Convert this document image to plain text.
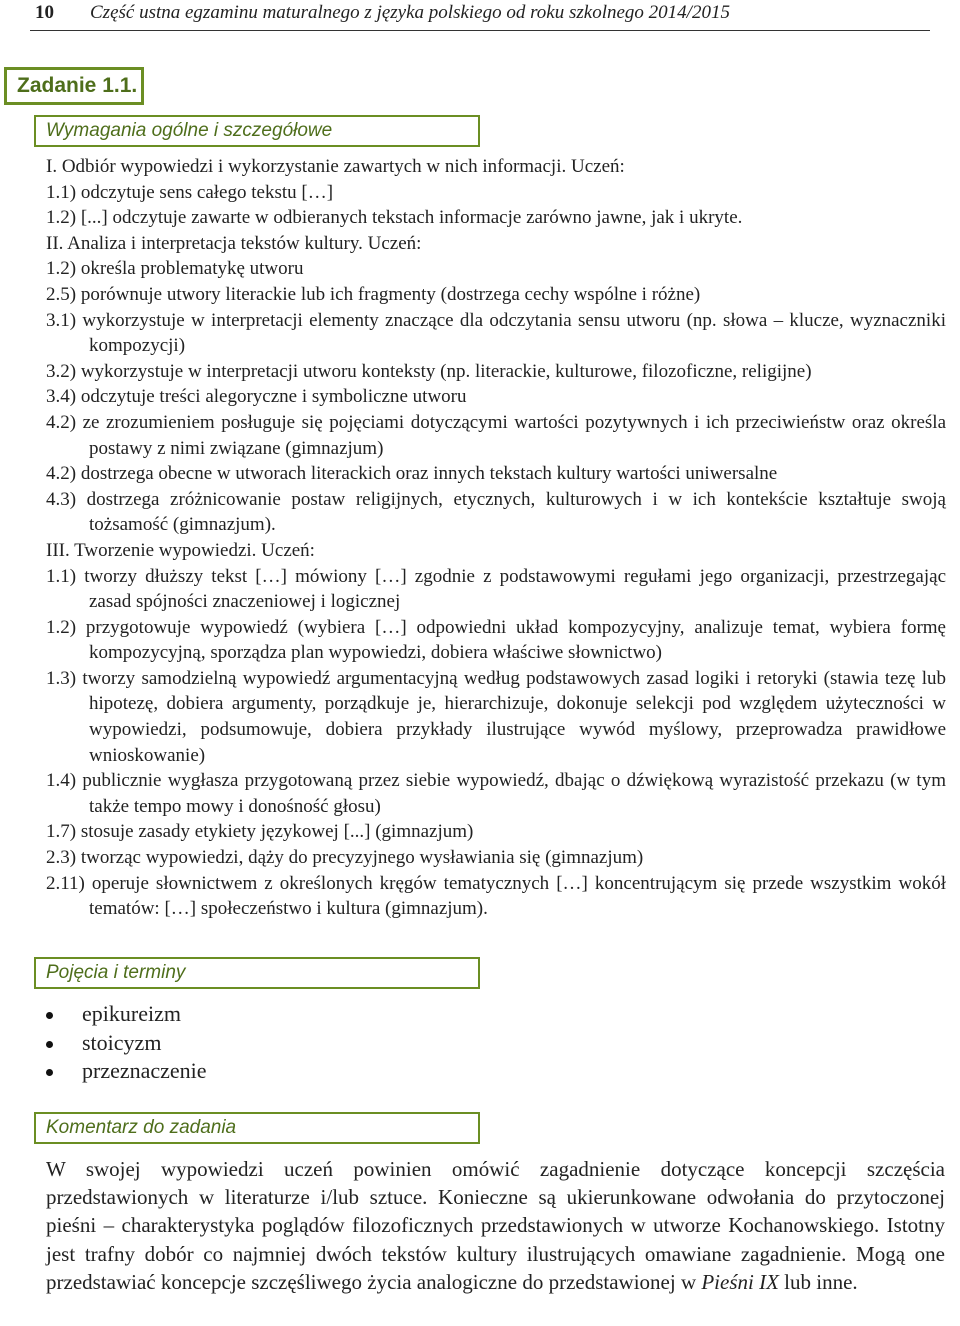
10 Część ustna egzaminu maturalnego z języka polskiego od roku szkolnego 2014/2015
Zadanie 1.1.
Wymagania ogólne i szczegółowe
I. Odbiór wypowiedzi i wykorzystanie zawartych w nich informacji. Uczeń:
1.1) odczytuje sens całego tekstu […]
1.2) [...] odczytuje zawarte w odbieranych tekstach informacje zarówno jawne, jak i ukryte.
II. Analiza i interpretacja tekstów kultury. Uczeń:
1.2) określa problematykę utworu
2.5) porównuje utwory literackie lub ich fragmenty (dostrzega cechy wspólne i różne)
3.1) wykorzystuje w interpretacji elementy znaczące dla odczytania sensu utworu (np. słowa – klucze, wyznaczniki kompozycji)
3.2) wykorzystuje w interpretacji utworu konteksty (np. literackie, kulturowe, filozoficzne, religijne)
3.4) odczytuje treści alegoryczne i symboliczne utworu
4.2) ze zrozumieniem posługuje się pojęciami dotyczącymi wartości pozytywnych i ich przeciwieństw oraz określa postawy z nimi związane (gimnazjum)
4.2) dostrzega obecne w utworach literackich oraz innych tekstach kultury wartości uniwersalne
4.3) dostrzega zróżnicowanie postaw religijnych, etycznych, kulturowych i w ich kontekście kształtuje swoją tożsamość (gimnazjum).
III. Tworzenie wypowiedzi. Uczeń:
1.1) tworzy dłuższy tekst […] mówiony […] zgodnie z podstawowymi regułami jego organizacji, przestrzegając zasad spójności znaczeniowej i logicznej
1.2) przygotowuje wypowiedź (wybiera […] odpowiedni układ kompozycyjny, analizuje temat, wybiera formę kompozycyjną, sporządza plan wypowiedzi, dobiera właściwe słownictwo)
1.3) tworzy samodzielną wypowiedź argumentacyjną według podstawowych zasad logiki i retoryki (stawia tezę lub hipotezę, dobiera argumenty, porządkuje je, hierarchizuje, dokonuje selekcji pod względem użyteczności w wypowiedzi, podsumowuje, dobiera przykłady ilustrujące wywód myślowy, przeprowadza prawidłowe wnioskowanie)
1.4) publicznie wygłasza przygotowaną przez siebie wypowiedź, dbając o dźwiękową wyrazistość przekazu (w tym także tempo mowy i donośność głosu)
1.7) stosuje zasady etykiety językowej [...] (gimnazjum)
2.3) tworząc wypowiedzi, dąży do precyzyjnego wysławiania się (gimnazjum)
2.11) operuje słownictwem z określonych kręgów tematycznych […] koncentrującym się przede wszystkim wokół tematów: […] społeczeństwo i kultura (gimnazjum).
Pojęcia i terminy
epikureizm
stoicyzm
przeznaczenie
Komentarz do zadania

W swojej wypowiedzi uczeń powinien omówić zagadnienie dotyczące koncepcji szczęścia przedstawionych w literaturze i/lub sztuce. Konieczne są ukierunkowane odwołania do przytoczonej pieśni – charakterystyka poglądów filozoficznych przedstawionych w utworze Kochanowskiego. Istotny jest trafny dobór co najmniej dwóch tekstów kultury ilustrujących omawiane zagadnienie. Mogą one przedstawiać koncepcje szczęśliwego życia analogiczne do przedstawionej w Pieśni IX lub inne.
